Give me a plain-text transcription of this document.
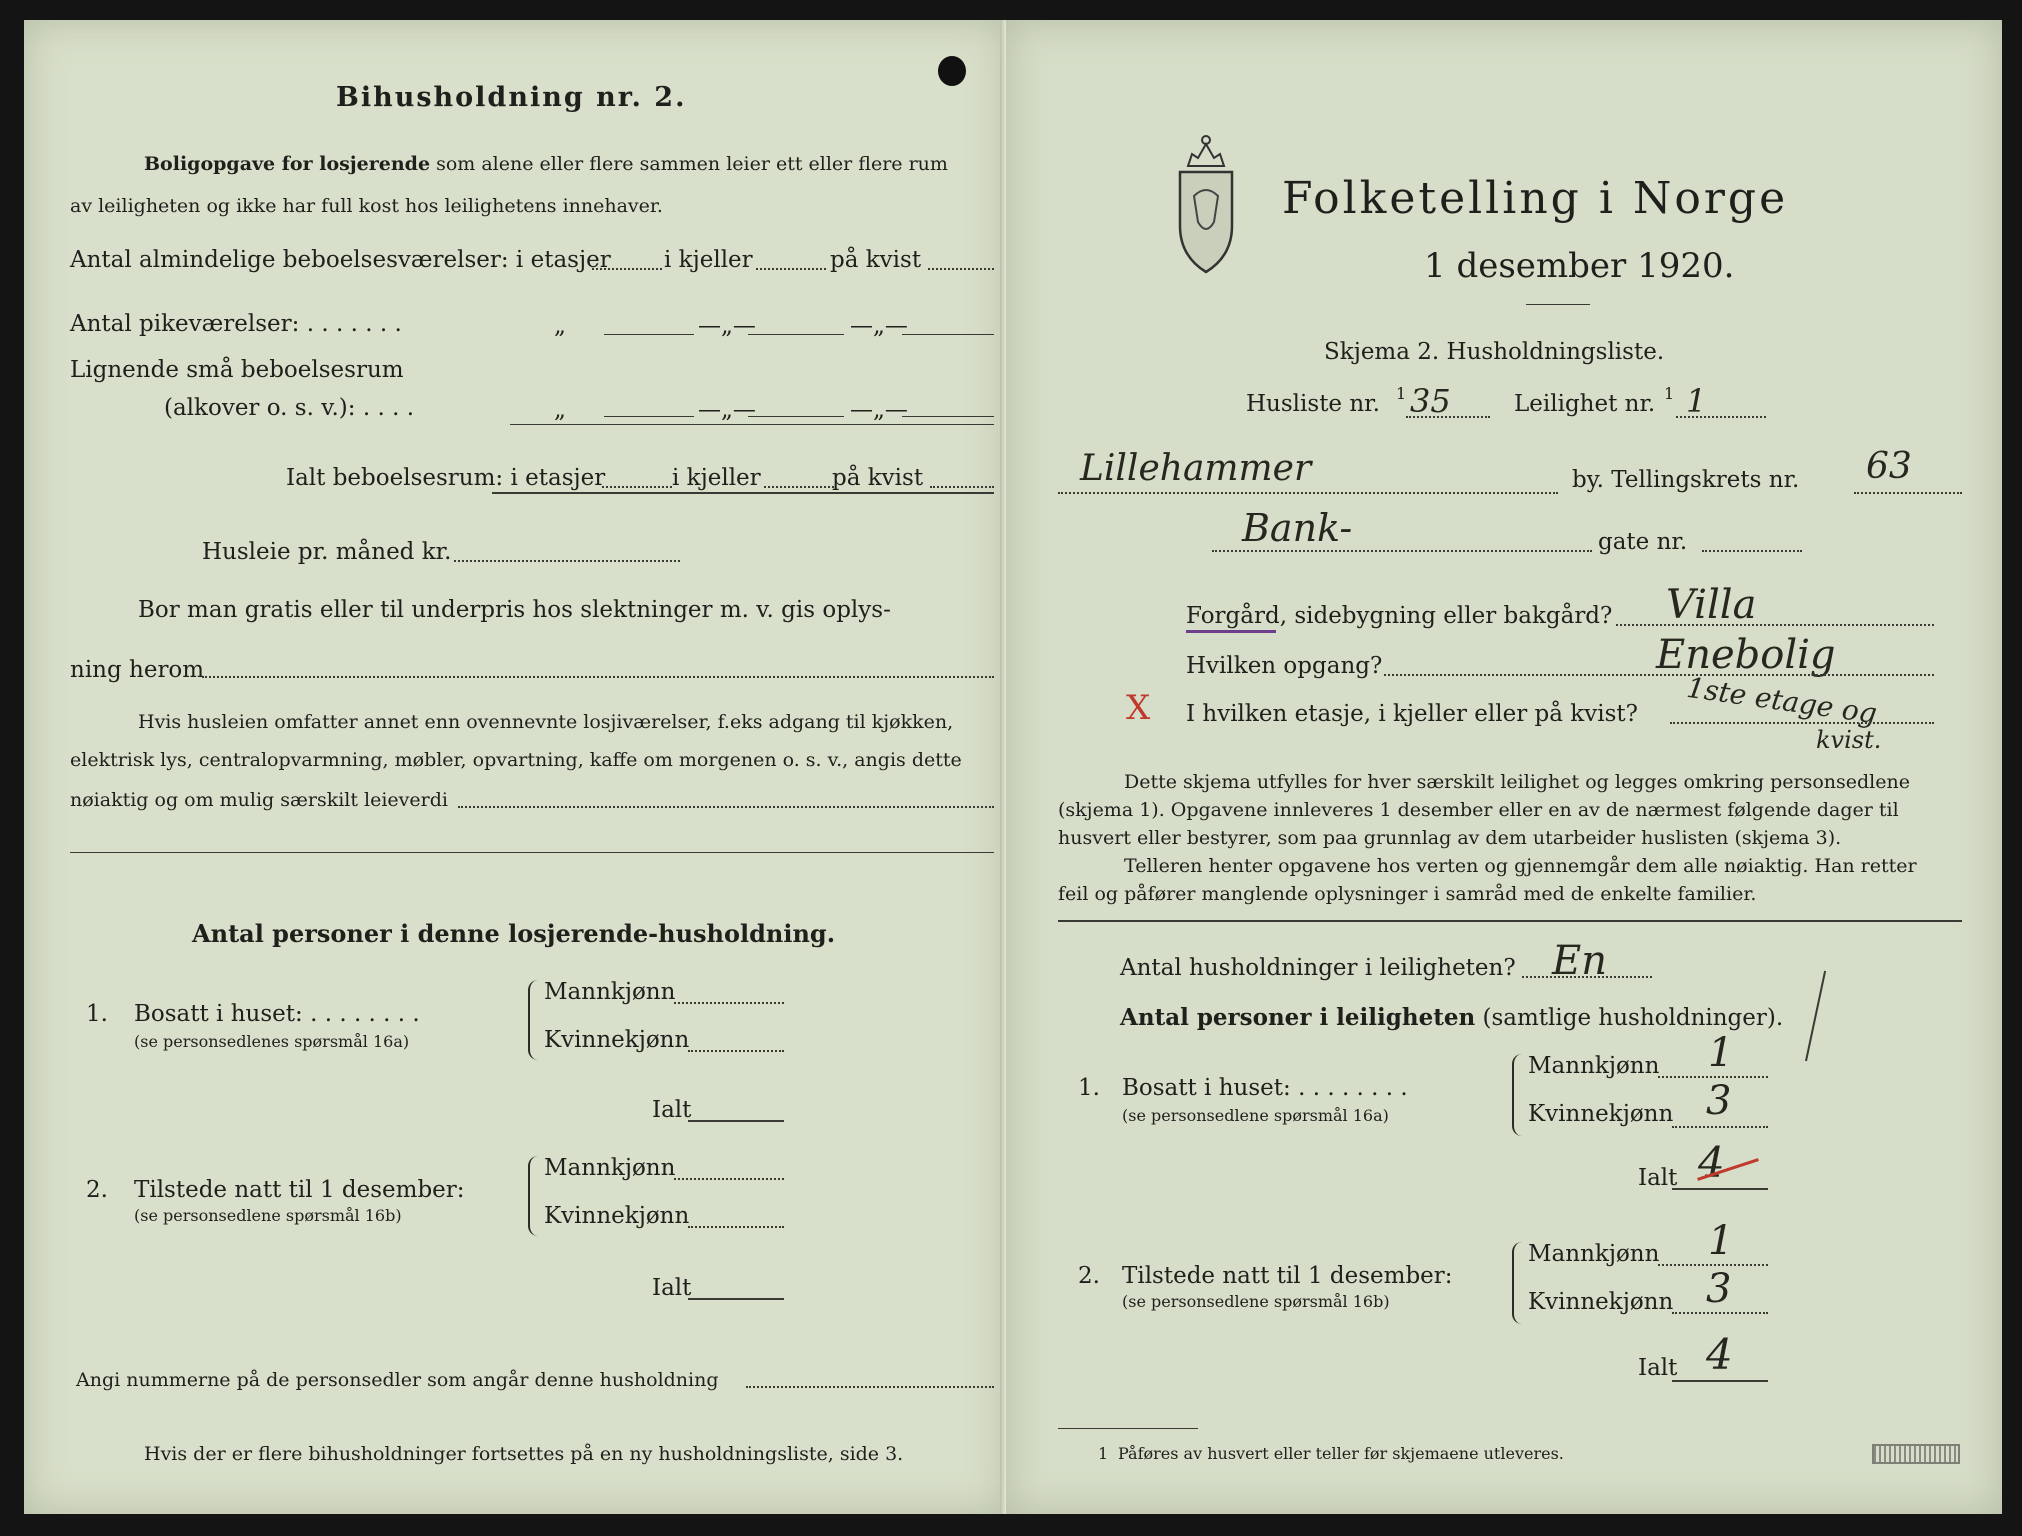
Bihusholdning nr. 2.
Boligopgave for losjerende som alene eller flere sammen leier ett eller flere rum
av leiligheten og ikke har full kost hos leilighetens innehaver.
Antal almindelige beboelsesværelser: i etasjer i kjeller	på kvist
Antal pikeværelser: . . . . . . .	„	—„—	—„—
Lignende små beboelsesrum
(alkover o. s. v.): . . . .	„	—„—	—„—
Ialt beboelsesrum: i etasjer	i kjeller	på kvist
Husleie pr. måned kr.
Bor man gratis eller til underpris hos slektninger m. v. gis oplys-
ning herom
Hvis husleien omfatter annet enn ovennevnte losjiværelser, f.eks adgang til kjøkken,
elektrisk lys, centralopvarmning, møbler, opvartning, kaffe om morgenen o. s. v., angis dette
nøiaktig og om mulig særskilt leieverdi
Antal personer i denne losjerende-husholdning.
1. Bosatt i huset: . . . . . . . .
(se personsedlenes spørsmål 16a)
Mannkjønn
Kvinnekjønn
Ialt
2. Tilstede natt til 1 desember:
(se personsedlene spørsmål 16b)
Mannkjønn
Kvinnekjønn
Ialt
Angi nummerne på de personsedler som angår denne husholdning
Hvis der er flere bihusholdninger fortsettes på en ny husholdningsliste, side 3.
Folketelling i Norge
1 desember 1920.
Skjema 2. Husholdningsliste.
Husliste nr. 1 35	Leilighet nr. 1 1
Lillehammer	by. Tellingskrets nr. 63
Bank-	gate nr.
Forgård, sidebygning eller bakgård? Villa
Hvilken opgang?	Enebolig
X I hvilken etasje, i kjeller eller på kvist? 1ste etage og
kvist.
Dette skjema utfylles for hver særskilt leilighet og legges omkring personsedlene
(skjema 1). Opgavene innleveres 1 desember eller en av de nærmest følgende dager til
husvert eller bestyrer, som paa grunnlag av dem utarbeider huslisten (skjema 3).
Telleren henter opgavene hos verten og gjennemgår dem alle nøiaktig. Han retter
feil og påfører manglende oplysninger i samråd med de enkelte familier.
Antal husholdninger i leiligheten? En
Antal personer i leiligheten (samtlige husholdninger).
1. Bosatt i huset: . . . . . . . .
(se personsedlene spørsmål 16a)
Mannkjønn 1
Kvinnekjønn 3
Ialt 4
2. Tilstede natt til 1 desember:
(se personsedlene spørsmål 16b)
Mannkjønn 1
Kvinnekjønn 3
Ialt 4
1 Påføres av husvert eller teller før skjemaene utleveres.
